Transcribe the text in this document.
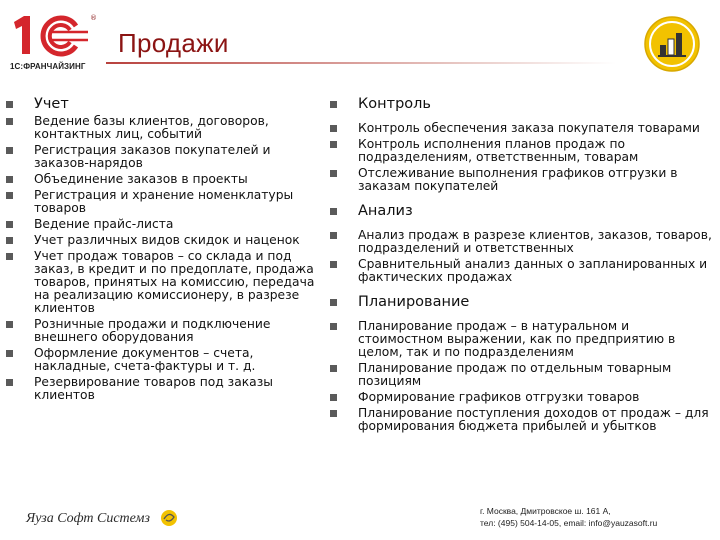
®
1С:ФРАНЧАЙЗИНГ
Продажи
Учет
Ведение базы клиентов, договоров, контактных лиц, событий
Регистрация заказов покупателей и заказов-нарядов
Объединение заказов в проекты
Регистрация и хранение номенклатуры товаров
Ведение прайс-листа
Учет различных видов скидок и наценок
Учет продаж товаров – со склада и под заказ, в кредит и по предоплате, продажа товаров, принятых на комиссию, передача на реализацию комиссионеру, в разрезе клиентов
Розничные продажи и подключение внешнего оборудования
Оформление документов – счета, накладные, счета-фактуры и т. д.
Резервирование товаров под заказы клиентов
Контроль
Контроль обеспечения заказа покупателя товарами
Контроль исполнения планов продаж по подразделениям, ответственным, товарам
Отслеживание выполнения графиков отгрузки в заказам покупателей
Анализ
Анализ продаж в разрезе клиентов, заказов, товаров, подразделений и ответственных
Сравнительный анализ данных о запланированных и фактических продажах
Планирование
Планирование продаж – в натуральном и стоимостном выражении, как по предприятию в целом, так и по подразделениям
Планирование продаж по отдельным товарным позициям
Формирование графиков отгрузки товаров
Планирование поступления доходов от продаж – для формирования бюджета прибылей и убытков
Яуза Софт Системз	г. Москва, Дмитровское ш. 161 А,
тел: (495) 504-14-05, email: info@yauzasoft.ru
